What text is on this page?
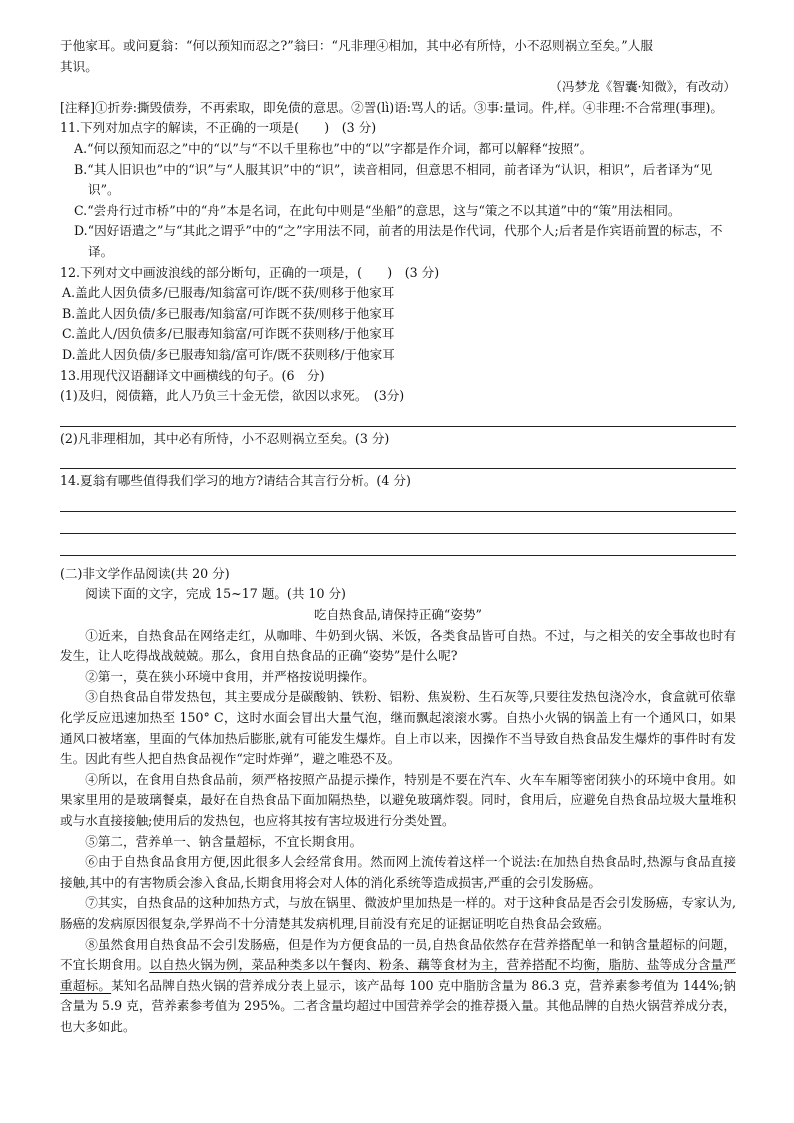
于他家耳。或问夏翁：“何以预知而忍之?”翁曰：“凡非理④相加，其中必有所恃，小不忍则祸立至矣。”人服

其识。

（冯梦龙《智囊·知微》，有改动）

[注释]①折券:撕毁债券，不再索取，即免债的意思。②詈(lì)语:骂人的话。③事:量词。件,样。④非理:不合常理(事理)。

11.下列对加点字的解读，不正确的一项是(　　)　(3 分)

A.“何以预知而忍之”中的“以”与“不以千里称也”中的“以”字都是作介词，都可以解释“按照”。

B.“其人旧识也”中的“识”与“人服其识”中的“识”，读音相同，但意思不相同，前者译为“认识，相识”，后者译为“见识”。

C.“尝舟行过市桥”中的“舟”本是名词，在此句中则是“坐船”的意思，这与“策之不以其道”中的“策”用法相同。

D.“因好语遣之”与“其此之谓乎”中的“之”字用法不同，前者的用法是作代词，代那个人;后者是作宾语前置的标志，不译。

12.下列对文中画波浪线的部分断句，正确的一项是，(　　)　(3 分)

A.盖此人因负债多/已服毒/知翁富可诈/既不获/则移于他家耳

B.盖此人因负债/多已服毒/知翁富/可诈既不获/则移于他家耳

C.盖此人/因负债多/已服毒知翁富/可诈既不获则移/于他家耳

D.盖此人因负债/多已服毒知翁/富可诈/既不获则移/于他家耳

13.用现代汉语翻译文中画横线的句子。(6　分)

(1)及归，阅债籍，此人乃负三十金无偿，欲因以求死。　(3分)

(2)凡非理相加，其中必有所恃，小不忍则祸立至矣。(3 分)

14.夏翁有哪些值得我们学习的地方?请结合其言行分析。(4 分)

(二)非文学作品阅读(共 20 分)

阅读下面的文字，完成 15~17 题。(共 10 分)

吃自热食品,请保持正确“姿势”

①近来，自热食品在网络走红，从咖啡、牛奶到火锅、米饭，各类食品皆可自热。不过，与之相关的安全事故也时有发生，让人吃得战战兢兢。那么，食用自热食品的正确“姿势”是什么呢?

②第一，莫在狭小环境中食用，并严格按说明操作。

③自热食品自带发热包，其主要成分是碳酸钠、铁粉、铝粉、焦炭粉、生石灰等,只要往发热包浇冷水，食盒就可依靠化学反应迅速加热至 150° C，这时水面会冒出大量气泡，继而飘起滚滚水雾。自热小火锅的锅盖上有一个通风口，如果通风口被堵塞，里面的气体加热后膨胀,就有可能发生爆炸。自上市以来，因操作不当导致自热食品发生爆炸的事件时有发生。因此有些人把自热食品视作“定时炸弹”，避之唯恐不及。

④所以，在食用自热食品前，须严格按照产品提示操作，特别是不要在汽车、火车车厢等密闭狭小的环境中食用。如果家里用的是玻璃餐桌，最好在自热食品下面加隔热垫，以避免玻璃炸裂。同时，食用后，应避免自热食品垃圾大量堆积或与水直接接触;使用后的发热包，也应将其按有害垃圾进行分类处置。

⑤第二，营养单一、钠含量超标，不宜长期食用。

⑥由于自热食品食用方便,因此很多人会经常食用。然而网上流传着这样一个说法:在加热自热食品时,热源与食品直接接触,其中的有害物质会渗入食品,长期食用将会对人体的消化系统等造成损害,严重的会引发肠癌。

⑦其实，自热食品的这种加热方式，与放在锅里、微波炉里加热是一样的。对于这种食品是否会引发肠癌，专家认为,肠癌的发病原因很复杂,学界尚不十分清楚其发病机理,目前没有充足的证据证明吃自热食品会致癌。

⑧虽然食用自热食品不会引发肠癌，但是作为方便食品的一员,自热食品依然存在营养搭配单一和钠含量超标的问题，不宜长期食用。以自热火锅为例，菜品种类多以午餐肉、粉条、藕等食材为主，营养搭配不均衡，脂肪、盐等成分含量严重超标。某知名品牌自热火锅的营养成分表上显示，该产品每 100 克中脂肪含量为 86.3 克，营养素参考值为 144%;钠含量为 5.9 克，营养素参考值为 295%。二者含量均超过中国营养学会的推荐摄入量。其他品牌的自热火锅营养成分表，也大多如此。
